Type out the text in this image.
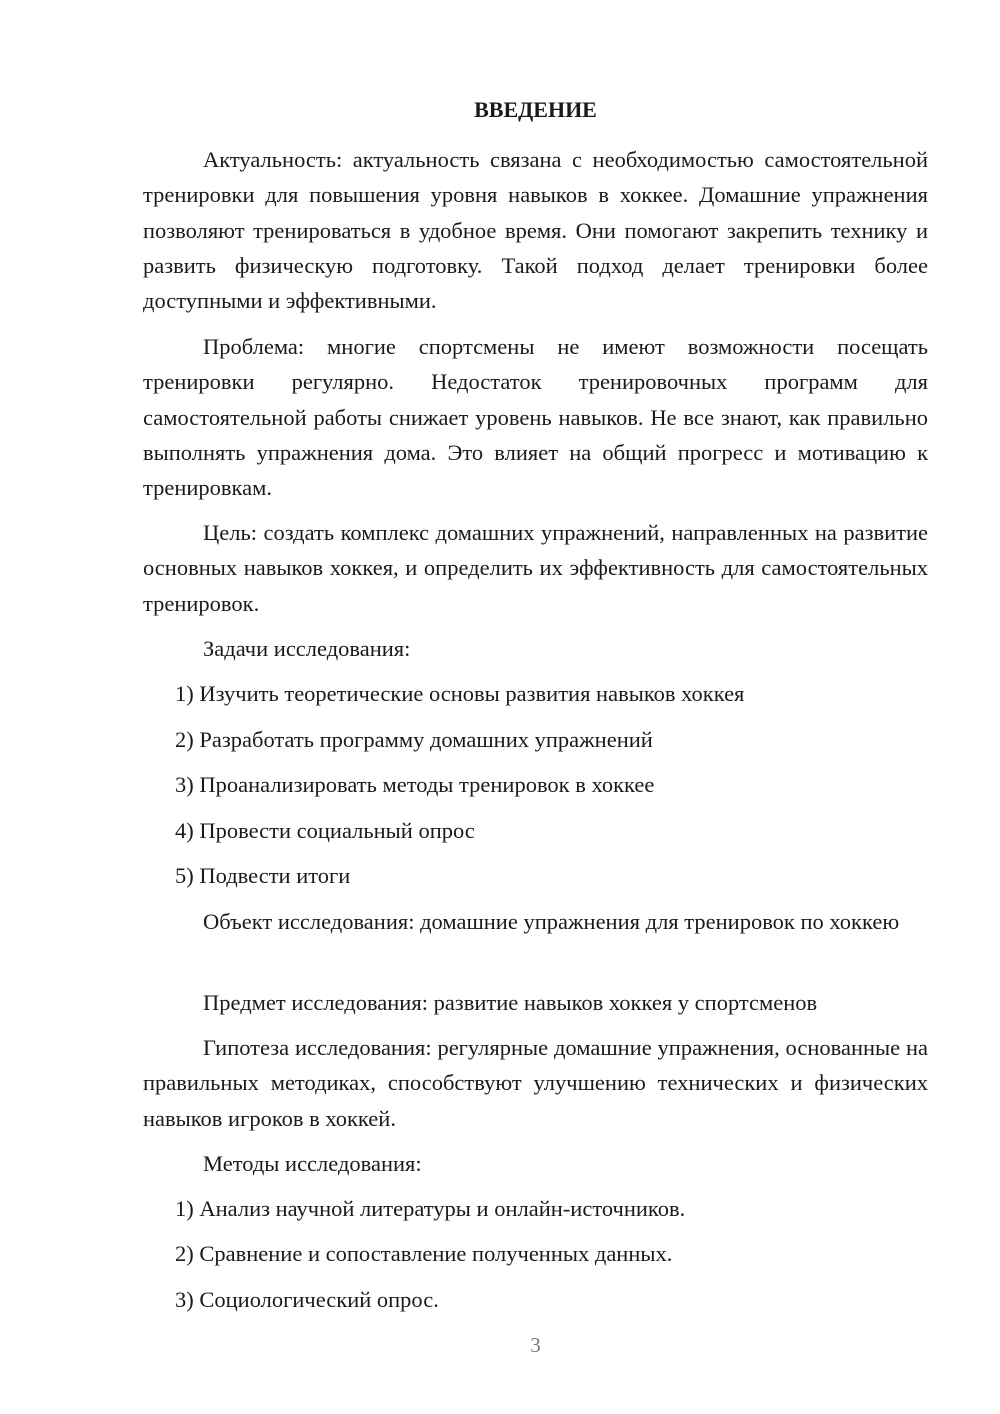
ВВЕДЕНИЕ

Актуальность: актуальность связана с необходимостью самостоятельной тренировки для повышения уровня навыков в хоккее. Домашние упражнения позволяют тренироваться в удобное время. Они помогают закрепить технику и развить физическую подготовку. Такой подход делает тренировки более доступными и эффективными.

Проблема: многие спортсмены не имеют возможности посещать тренировки регулярно. Недостаток тренировочных программ для самостоятельной работы снижает уровень навыков. Не все знают, как правильно выполнять упражнения дома. Это влияет на общий прогресс и мотивацию к тренировкам.

Цель: создать комплекс домашних упражнений, направленных на развитие основных навыков хоккея, и определить их эффективность для самостоятельных тренировок.

Задачи исследования:

1) Изучить теоретические основы развития навыков хоккея

2) Разработать программу домашних упражнений

3) Проанализировать методы тренировок в хоккее

4) Провести социальный опрос

5) Подвести итоги

Объект исследования: домашние упражнения для тренировок по хоккею

Предмет исследования: развитие навыков хоккея у спортсменов

Гипотеза исследования: регулярные домашние упражнения, основанные на правильных методиках, способствуют улучшению технических и физических навыков игроков в хоккей.

Методы исследования:

1) Анализ научной литературы и онлайн-источников.

2) Сравнение и сопоставление полученных данных.

3) Социологический опрос.

3
